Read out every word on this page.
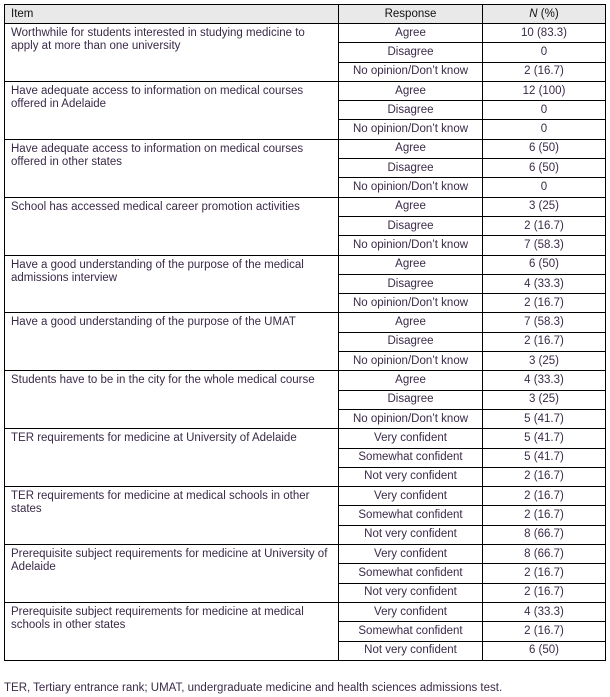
Item	Response	N (%)
Worthwhile for students interested in studying medicine to apply at more than one university	Agree	10 (83.3)
	Disagree	0
	No opinion/Don’t know	2 (16.7)
Have adequate access to information on medical courses offered in Adelaide	Agree	12 (100)
	Disagree	0
	No opinion/Don’t know	0
Have adequate access to information on medical courses offered in other states	Agree	6 (50)
	Disagree	6 (50)
	No opinion/Don’t know	0
School has accessed medical career promotion activities	Agree	3 (25)
	Disagree	2 (16.7)
	No opinion/Don’t know	7 (58.3)
Have a good understanding of the purpose of the medical admissions interview	Agree	6 (50)
	Disagree	4 (33.3)
	No opinion/Don’t know	2 (16.7)
Have a good understanding of the purpose of the UMAT	Agree	7 (58.3)
	Disagree	2 (16.7)
	No opinion/Don’t know	3 (25)
Students have to be in the city for the whole medical course	Agree	4 (33.3)
	Disagree	3 (25)
	No opinion/Don’t know	5 (41.7)
TER requirements for medicine at University of Adelaide	Very confident	5 (41.7)
	Somewhat confident	5 (41.7)
	Not very confident	2 (16.7)
TER requirements for medicine at medical schools in other states	Very confident	2 (16.7)
	Somewhat confident	2 (16.7)
	Not very confident	8 (66.7)
Prerequisite subject requirements for medicine at University of Adelaide	Very confident	8 (66.7)
	Somewhat confident	2 (16.7)
	Not very confident	2 (16.7)
Prerequisite subject requirements for medicine at medical schools in other states	Very confident	4 (33.3)
	Somewhat confident	2 (16.7)
	Not very confident	6 (50)
TER, Tertiary entrance rank; UMAT, undergraduate medicine and health sciences admissions test.
